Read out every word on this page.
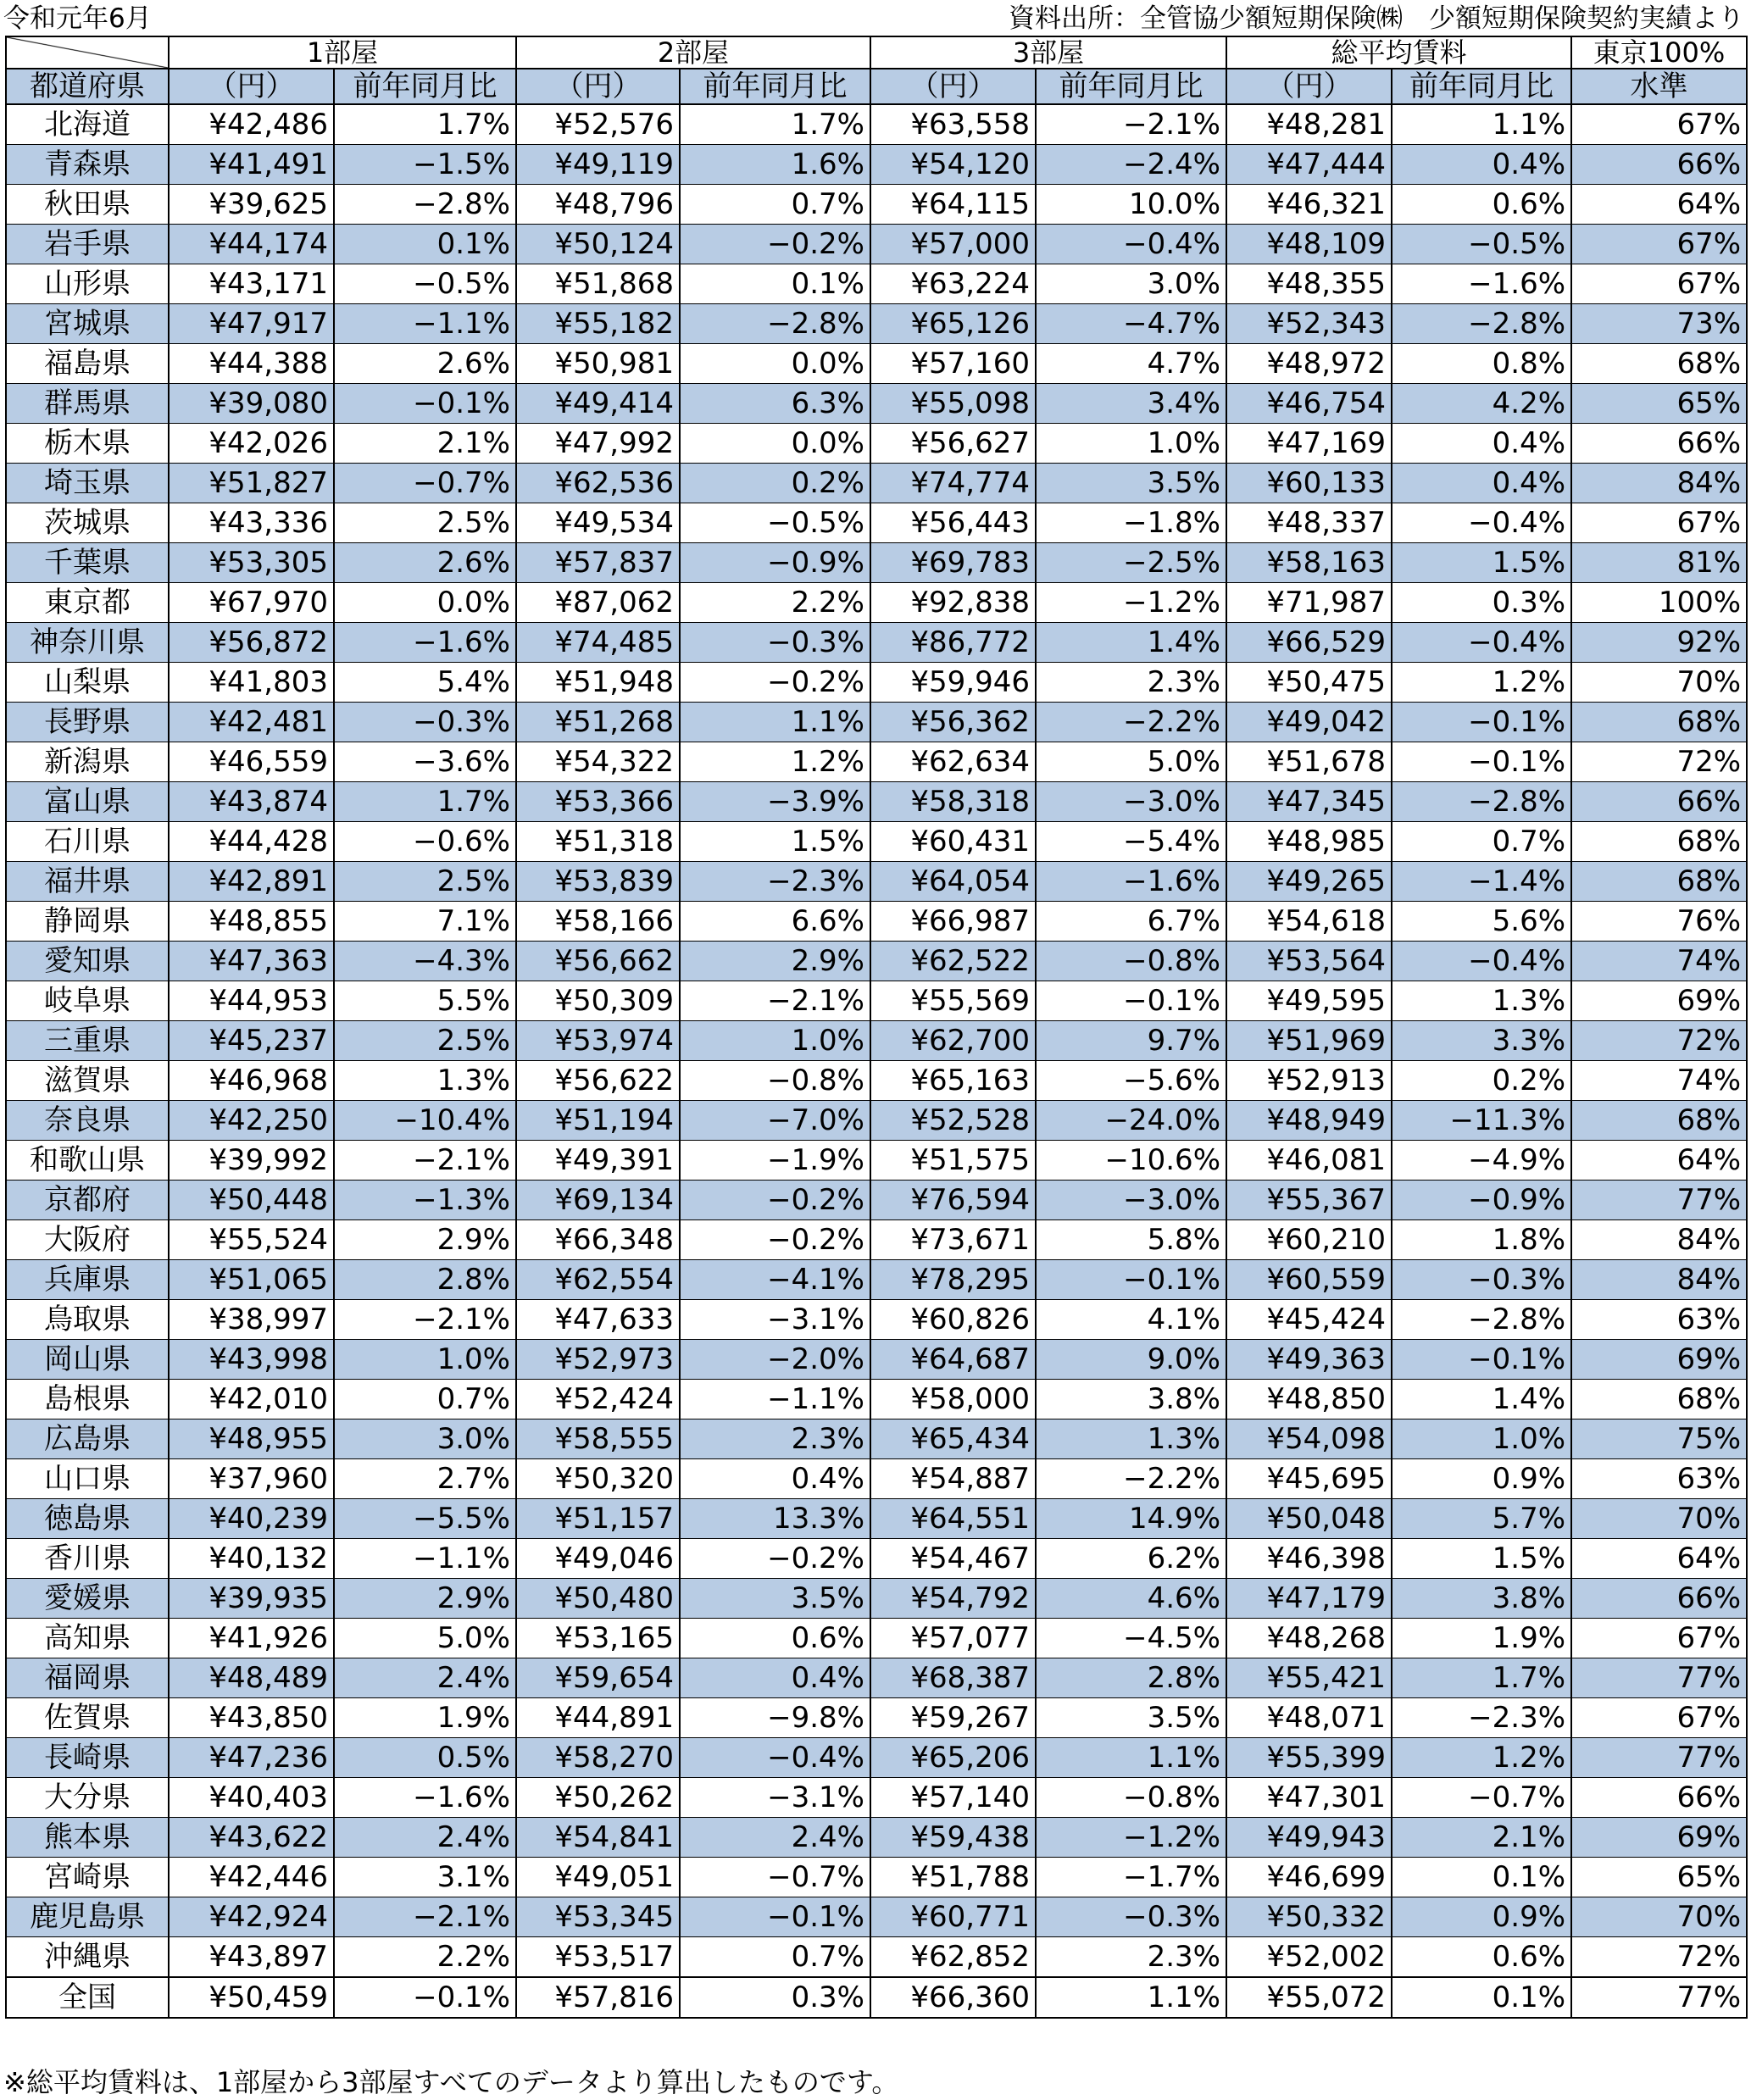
令和元年6月	資料出所：全管協少額短期保険㈱　少額短期保険契約実績より
	1部屋		2部屋		3部屋		総平均賃料		東京100%
都道府県	（円）	前年同月比	（円）	前年同月比	（円）	前年同月比	（円）	前年同月比	水準
北海道	¥42,486	1.7%	¥52,576	1.7%	¥63,558	−2.1%	¥48,281	1.1%	67%
青森県	¥41,491	−1.5%	¥49,119	1.6%	¥54,120	−2.4%	¥47,444	0.4%	66%
秋田県	¥39,625	−2.8%	¥48,796	0.7%	¥64,115	10.0%	¥46,321	0.6%	64%
岩手県	¥44,174	0.1%	¥50,124	−0.2%	¥57,000	−0.4%	¥48,109	−0.5%	67%
山形県	¥43,171	−0.5%	¥51,868	0.1%	¥63,224	3.0%	¥48,355	−1.6%	67%
宮城県	¥47,917	−1.1%	¥55,182	−2.8%	¥65,126	−4.7%	¥52,343	−2.8%	73%
福島県	¥44,388	2.6%	¥50,981	0.0%	¥57,160	4.7%	¥48,972	0.8%	68%
群馬県	¥39,080	−0.1%	¥49,414	6.3%	¥55,098	3.4%	¥46,754	4.2%	65%
栃木県	¥42,026	2.1%	¥47,992	0.0%	¥56,627	1.0%	¥47,169	0.4%	66%
埼玉県	¥51,827	−0.7%	¥62,536	0.2%	¥74,774	3.5%	¥60,133	0.4%	84%
茨城県	¥43,336	2.5%	¥49,534	−0.5%	¥56,443	−1.8%	¥48,337	−0.4%	67%
千葉県	¥53,305	2.6%	¥57,837	−0.9%	¥69,783	−2.5%	¥58,163	1.5%	81%
東京都	¥67,970	0.0%	¥87,062	2.2%	¥92,838	−1.2%	¥71,987	0.3%	100%
神奈川県	¥56,872	−1.6%	¥74,485	−0.3%	¥86,772	1.4%	¥66,529	−0.4%	92%
山梨県	¥41,803	5.4%	¥51,948	−0.2%	¥59,946	2.3%	¥50,475	1.2%	70%
長野県	¥42,481	−0.3%	¥51,268	1.1%	¥56,362	−2.2%	¥49,042	−0.1%	68%
新潟県	¥46,559	−3.6%	¥54,322	1.2%	¥62,634	5.0%	¥51,678	−0.1%	72%
富山県	¥43,874	1.7%	¥53,366	−3.9%	¥58,318	−3.0%	¥47,345	−2.8%	66%
石川県	¥44,428	−0.6%	¥51,318	1.5%	¥60,431	−5.4%	¥48,985	0.7%	68%
福井県	¥42,891	2.5%	¥53,839	−2.3%	¥64,054	−1.6%	¥49,265	−1.4%	68%
静岡県	¥48,855	7.1%	¥58,166	6.6%	¥66,987	6.7%	¥54,618	5.6%	76%
愛知県	¥47,363	−4.3%	¥56,662	2.9%	¥62,522	−0.8%	¥53,564	−0.4%	74%
岐阜県	¥44,953	5.5%	¥50,309	−2.1%	¥55,569	−0.1%	¥49,595	1.3%	69%
三重県	¥45,237	2.5%	¥53,974	1.0%	¥62,700	9.7%	¥51,969	3.3%	72%
滋賀県	¥46,968	1.3%	¥56,622	−0.8%	¥65,163	−5.6%	¥52,913	0.2%	74%
奈良県	¥42,250	−10.4%	¥51,194	−7.0%	¥52,528	−24.0%	¥48,949	−11.3%	68%
和歌山県	¥39,992	−2.1%	¥49,391	−1.9%	¥51,575	−10.6%	¥46,081	−4.9%	64%
京都府	¥50,448	−1.3%	¥69,134	−0.2%	¥76,594	−3.0%	¥55,367	−0.9%	77%
大阪府	¥55,524	2.9%	¥66,348	−0.2%	¥73,671	5.8%	¥60,210	1.8%	84%
兵庫県	¥51,065	2.8%	¥62,554	−4.1%	¥78,295	−0.1%	¥60,559	−0.3%	84%
鳥取県	¥38,997	−2.1%	¥47,633	−3.1%	¥60,826	4.1%	¥45,424	−2.8%	63%
岡山県	¥43,998	1.0%	¥52,973	−2.0%	¥64,687	9.0%	¥49,363	−0.1%	69%
島根県	¥42,010	0.7%	¥52,424	−1.1%	¥58,000	3.8%	¥48,850	1.4%	68%
広島県	¥48,955	3.0%	¥58,555	2.3%	¥65,434	1.3%	¥54,098	1.0%	75%
山口県	¥37,960	2.7%	¥50,320	0.4%	¥54,887	−2.2%	¥45,695	0.9%	63%
徳島県	¥40,239	−5.5%	¥51,157	13.3%	¥64,551	14.9%	¥50,048	5.7%	70%
香川県	¥40,132	−1.1%	¥49,046	−0.2%	¥54,467	6.2%	¥46,398	1.5%	64%
愛媛県	¥39,935	2.9%	¥50,480	3.5%	¥54,792	4.6%	¥47,179	3.8%	66%
高知県	¥41,926	5.0%	¥53,165	0.6%	¥57,077	−4.5%	¥48,268	1.9%	67%
福岡県	¥48,489	2.4%	¥59,654	0.4%	¥68,387	2.8%	¥55,421	1.7%	77%
佐賀県	¥43,850	1.9%	¥44,891	−9.8%	¥59,267	3.5%	¥48,071	−2.3%	67%
長崎県	¥47,236	0.5%	¥58,270	−0.4%	¥65,206	1.1%	¥55,399	1.2%	77%
大分県	¥40,403	−1.6%	¥50,262	−3.1%	¥57,140	−0.8%	¥47,301	−0.7%	66%
熊本県	¥43,622	2.4%	¥54,841	2.4%	¥59,438	−1.2%	¥49,943	2.1%	69%
宮崎県	¥42,446	3.1%	¥49,051	−0.7%	¥51,788	−1.7%	¥46,699	0.1%	65%
鹿児島県	¥42,924	−2.1%	¥53,345	−0.1%	¥60,771	−0.3%	¥50,332	0.9%	70%
沖縄県	¥43,897	2.2%	¥53,517	0.7%	¥62,852	2.3%	¥52,002	0.6%	72%
全国	¥50,459	−0.1%	¥57,816	0.3%	¥66,360	1.1%	¥55,072	0.1%	77%
※総平均賃料は、1部屋から3部屋すべてのデータより算出したものです。
